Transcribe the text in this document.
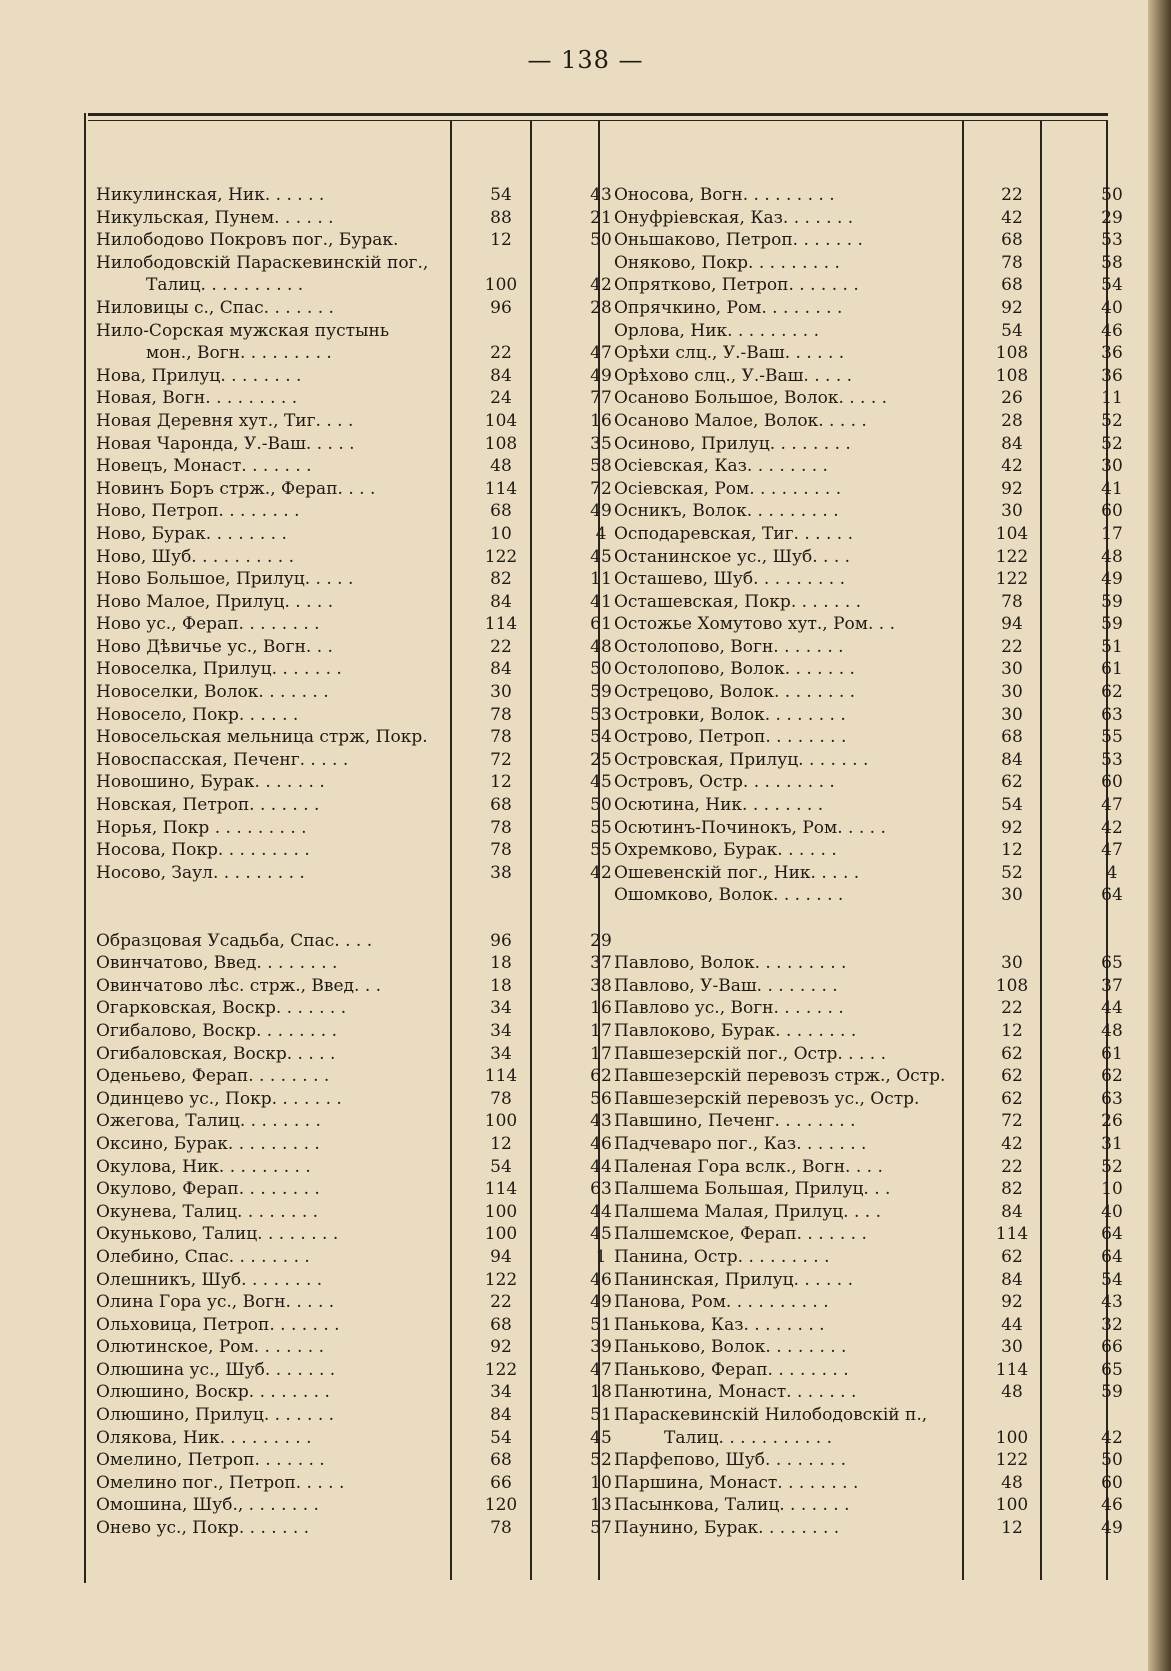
— 138 —
Никулинская, Ник. . . . . .	54	43
Никульская, Пунем. . . . . .	88	21
Нилободово Покровъ пог., Бурак.	12	50
Нилободовскій Параскевинскій пог.,
Талиц. . . . . . . . . .	100	42
Ниловицы с., Спас. . . . . . .	96	28
Нило-Сорская мужская пустынь
мон., Вогн. . . . . . . . .	22	47
Нова, Прилуц. . . . . . . .	84	49
Новая, Вогн. . . . . . . . .	24	77
Новая Деревня хут., Тиг. . . .	104	16
Новая Чаронда, У.-Ваш. . . . .	108	35
Новецъ, Монаст. . . . . . .	48	58
Новинъ Боръ стрж., Ферап. . . .	114	72
Ново, Петроп. . . . . . . .	68	49
Ново, Бурак. . . . . . . .	10	4
Ново, Шуб. . . . . . . . . .	122	45
Ново Большое, Прилуц. . . . .	82	11
Ново Малое, Прилуц. . . . .	84	41
Ново ус., Ферап. . . . . . . .	114	61
Ново Дѣвичье ус., Вогн. . .	22	48
Новоселка, Прилуц. . . . . . .	84	50
Новоселки, Волок. . . . . . .	30	59
Новосело, Покр. . . . . .	78	53
Новосельская мельница стрж, Покр.	78	54
Новоспасская, Печенг. . . . .	72	25
Новошино, Бурак. . . . . . .	12	45
Новская, Петроп. . . . . . .	68	50
Норья, Покр . . . . . . . . .	78	55
Носова, Покр. . . . . . . . .	78	55
Носово, Заул. . . . . . . . .	38	42
Образцовая Усадьба, Спас. . . .	96	29
Овинчатово, Введ. . . . . . . .	18	37
Овинчатово лѣс. стрж., Введ. . .	18	38
Огарковская, Воскр. . . . . . .	34	16
Огибалово, Воскр. . . . . . . .	34	17
Огибаловская, Воскр. . . . .	34	17
Оденьево, Ферап. . . . . . . .	114	62
Одинцево ус., Покр. . . . . . .	78	56
Ожегова, Талиц. . . . . . . .	100	43
Оксино, Бурак. . . . . . . . .	12	46
Окулова, Ник. . . . . . . . .	54	44
Окулово, Ферап. . . . . . . .	114	63
Окунева, Талиц. . . . . . . .	100	44
Окуньково, Талиц. . . . . . . .	100	45
Олебино, Спас. . . . . . . .	94	1
Олешникъ, Шуб. . . . . . . .	122	46
Олина Гора ус., Вогн. . . . .	22	49
Ольховица, Петроп. . . . . . .	68	51
Олютинское, Ром. . . . . . .	92	39
Олюшина ус., Шуб. . . . . . .	122	47
Олюшино, Воскр. . . . . . . .	34	18
Олюшино, Прилуц. . . . . . .	84	51
Олякова, Ник. . . . . . . . .	54	45
Омелино, Петроп. . . . . . .	68	52
Омелино пог., Петроп. . . . .	66	10
Омошина, Шуб., . . . . . . .	120	13
Онево ус., Покр. . . . . . .	78	57
Оносова, Вогн. . . . . . . . .	22	50
Онуфріевская, Каз. . . . . . .	42	29
Оньшаково, Петроп. . . . . . .	68	53
Оняково, Покр. . . . . . . . .	78	58
Опрятково, Петроп. . . . . . .	68	54
Опрячкино, Ром. . . . . . . .	92	40
Орлова, Ник. . . . . . . . .	54	46
Орѣхи слц., У.-Ваш. . . . . .	108	36
Орѣхово слц., У.-Ваш. . . . .	108	36
Осаново Большое, Волок. . . . .	26	11
Осаново Малое, Волок. . . . .	28	52
Осиново, Прилуц. . . . . . . .	84	52
Осіевская, Каз. . . . . . . .	42	30
Осіевская, Ром. . . . . . . . .	92	41
Осникъ, Волок. . . . . . . . .	30	60
Осподаревская, Тиг. . . . . .	104	17
Останинское ус., Шуб. . . .	122	48
Осташево, Шуб. . . . . . . . .	122	49
Осташевская, Покр. . . . . . .	78	59
Остожье Хомутово хут., Ром. . .	94	59
Остолопово, Вогн. . . . . . .	22	51
Остолопово, Волок. . . . . . .	30	61
Острецово, Волок. . . . . . . .	30	62
Островки, Волок. . . . . . . .	30	63
Острово, Петроп. . . . . . . .	68	55
Островская, Прилуц. . . . . . .	84	53
Островъ, Остр. . . . . . . . .	62	60
Осютина, Ник. . . . . . . .	54	47
Осютинъ-Починокъ, Ром. . . . .	92	42
Охремково, Бурак. . . . . .	12	47
Ошевенскій пог., Ник. . . . .	52	4
Ошомково, Волок. . . . . . .	30	64
Павлово, Волок. . . . . . . . .	30	65
Павлово, У-Ваш. . . . . . . .	108	37
Павлово ус., Вогн. . . . . . .	22	44
Павлоково, Бурак. . . . . . . .	12	48
Павшезерскій пог., Остр. . . . .	62	61
Павшезерскій перевозъ стрж., Остр.	62	62
Павшезерскій перевозъ ус., Остр.	62	63
Павшино, Печенг. . . . . . . .	72	26
Падчеваро пог., Каз. . . . . . .	42	31
Паленая Гора вслк., Вогн. . . .	22	52
Палшема Большая, Прилуц. . .	82	10
Палшема Малая, Прилуц. . . .	84	40
Палшемское, Ферап. . . . . . .	114	64
Панина, Остр. . . . . . . . .	62	64
Панинская, Прилуц. . . . . .	84	54
Панова, Ром. . . . . . . . . .	92	43
Панькова, Каз. . . . . . . .	44	32
Паньково, Волок. . . . . . . .	30	66
Паньково, Ферап. . . . . . . .	114	65
Панютина, Монаст. . . . . . .	48	59
Параскевинскій Нилободовскій п.,
Талиц. . . . . . . . . . .	100	42
Парфепово, Шуб. . . . . . . .	122	50
Паршина, Монаст. . . . . . . .	48	60
Пасынкова, Талиц. . . . . . .	100	46
Паунино, Бурак. . . . . . . .	12	49
